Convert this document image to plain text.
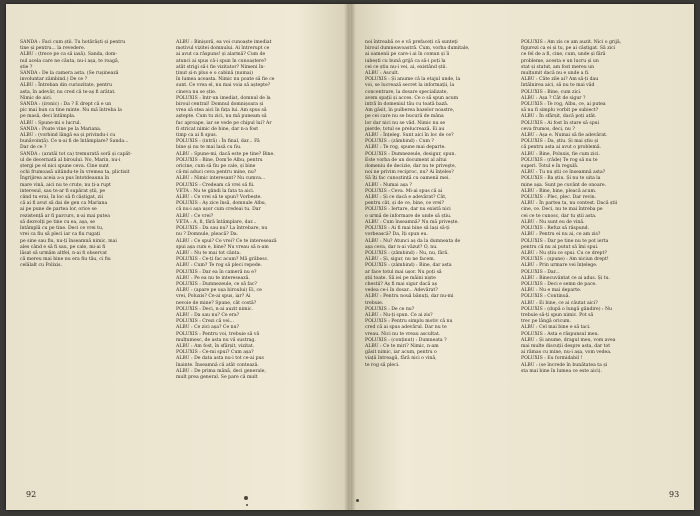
SANDA : Faci cum știi. Tu hotărăști și pentru
tine și pentru... la revedere.
ALBU : (trece pe ca să iasă). Sanda, dom-
nul acela care ne căuta, nu-i așa, te roagă,
știe ?
SANDA : De la camera asta. (Se rușinează
involuntar zâmbind.) De ce ?
ALBU : Întreban din curiozitate, pentru
asta, în adevăr, nu cred că te-aș fi arătat.
Nimic de aici.
SANDA : (ironic) : Da ? E drept că e un
pic mai bun ca tine minte. Nu mă întreba la
pe masă, deci întâmpla.
ALBU : Spune-mi o lucrul.
SANDA : Poate vine pe la Mariana.
ALBU : (vorbind lângă ea și privindu-i cu
bunăvoință). Ce n-ai fi de întâmplare? Sanda...
Dar de ce ?
SANDA : (aratăi tot ca) tremurată soră și capăt-
ul de decernată al biroului. No, Marin, nu-i
ștergi pe el nici spune ceva. Cine sunt
ochi frumoasă uitându-te în vremea ta, plictisit
Îngrijirea aceia a-a pus întotdeauna în
mare vină, aici nu te cruțe, nu ți-a rupt
interesul, sau te-ar fi supărat știi, pe
când tu erai, în loc să fi câștigat, zii
că ai fi avut să dai de gen ca Mariana
ai pe pune de partea lor, orice se
rezistență ar fi parcurs, n-ai mai putea
să dezvolți pe tine cu ea, așa, se
întâmplă cu pe tine. Deci ce vrei tu,
vrei ca fiu să pleci iar ca fiu rugați
pe sine sau fiu, nu-ți înseamnă nimic, mai
ales când e să fi sau, pe cale, mi-ai fi
lăsat să urmăm altfel, n-ai fi observat
că mereu mai bine nu era fiu tău, ci fiu
celălalt cu Polixis.
ALBU : Binișoră, ea voi cunoaște imediat
motivul vizitei domnului. Ai întrerupt ce
ai avut ca răspuns! și alarmă? Cum de
atunci ai spus că-i spun în cunoaștere?
atât strigi să-i fie vizitator? Nimeni în-
ținut și-n plus e o cabină (numai)
în lumea aceasta. Nimic nu poate să fie ce
sunt. Ce vrea el, nu mai voia să aștepte?
cineva nu se știe.
POLUXIS : Intr-un imediat, domnul de la
biroul central! Domnul domnișoara și
vrea să stea aici în fața lui. Am spus să
aștepte. Cum tu zici, nu mă puneam să
fac aproape, iar se vede pe chipul lui? Ar
fi stricat nimic de bine, dar n-a fost
timp ca ai fi spus.
POLUXIS : (intră) : În final, dar... Fă
bine și nu te mai lasă cu fiu.
ALBU : Spune-mi, dacă este pe tine? Bine.
POLUXIS : Bine, Dom'le Albu, pentru
oricine, cum să fiu pe cale, și bine
că-mi aduci ceva pentru mine, nu?
ALBU : Nimic interesant? Nu cumva...
POLUXIS : Credeam că vrei să fii.
VETA : Nu te gândi la fata ta aici.
ALBU : Ce vrei să te spun? Vorbește.
POLUXIS : Aș zice însă, domnule Albu,
că nu-i așa ușor cum credeai tu. Dar
ALBU : Ce vrei?
VETA : A, fi, fără întâmplare, dar...
POLUXIS : Da sau nu? La întrebare, nu
nu ? Domnule, pleacă? Da.
ALBU : Ce spui? Ce vrei? Ce te interesează
spui așa cum e, bine? Nu vreau să n-am
ALBU : Nu te mai tot cânta.
POLUXIS : Ce-ți fac acum? Mă grăbesc.
ALBU : Cum? Te rog să pleci repede.
POLUXIS : Dar ea în cameră nu e?
ALBU : Pe ea nu te interesează.
POLUXIS : Dumnezeule, ce să fac?
ALBU : (apare pe ușa biroului) Ei, ce
vrei, Poluxis? Ce-ai spus, iar? Ai
nevoie de mine? Spune, cât costă?
POLUXIS : Deci, n-ai auzit nimic.
ALBU : Da sau nu? Ce era?
POLUXIS : Crezi că vei...
ALBU : Ce zici așa? Ce nu?
POLUXIS : Pentru voi, trebuie să vă
mulțumesc, de asta nu vă sustrag.
ALBU : Am fost, în sfârșit, vizitat.
POLUXIS : Ce-mi spui? Cum așa?
ALBU : De data asta nu-i tot ce-ai pus
înainte. Înseamnă că atât contează.
ALBU : De prima mână, deci generale,
mult prea general. Se pare că mult
92
noi întreabă ce e vă prefaceți că sunteți
biroul dumneavoastră. Cum, vorba dumitale,
ai oamenii pe care-i ai în comun și îi
iubești cu bună grijă ca să-i poți la
cei ce știu nu-i vei, ai, existând știi.
ALBU : Ascult.
POLUXIS : Și anume că la etajul unde, la
voi, se lucrează secret la informații, la
concentrare, la dosare specializate,
avem spații și acces. Ce o să spun acum
intră în domeniul tău cu toată bază.
Am găsit, în pulberea bazelor noastre,
pe cei care nu se bucură de mâna
lor dar nici nu se văd. Nimic nu se
pierde, totul se prelucrează. Ei au
ALBU : Înțeleg. Sunt aici în loc de ce?
POLUXIS : (zâmbind) : Cum ?
ALBU : Te rog, spune mai departe.
POLUXIS : Dumnezeule, desigur, spun.
Este vorba de un document al altui
domeniu de decizie, dar nu te priveşte,
noi ne privim reciproc, nu? Ai înțeles?
Să îți fac cunoștință cu oamenii mei.
ALBU : Numai așa ?
POLUXIS : Ceva. Mi-ai spus că ai
ALBU : Și ce dacă e adevărat? Cât,
pentru cât, și de ce, bine, ce vrei?
POLUXIS : Iertare, dar nu există nici
o urmă de informare de unde să știu.
ALBU : Cum înseamnă? Nu mă privește.
POLUXIS : Ai fi mai bine să lași să-ți
vorbească? Da, îți spun eu.
ALBU : Nu? Atunci aș da la dumneata de
așa ceva, dar n-ai văzut? O, nu.
POLUXIS : (zâmbind) : Nu, nu, fără.
ALBU : Și, sigur, nu ne facem.
POLUXIS : (zâmbind) : Bine, dar asta
ar face totul mai ușor. Nu poți să
știi toate. Să iei pe mâini niște
chestii? Aș fi mai sigur dacă aș
vedea ce-i în dosar... Adevărat?
ALBU : Pentru nouă bănuți, dar nu-mi
trebuie.
POLUXIS : De ce nu?
ALBU : Nu-ți spun. Ce ai zis?
POLUXIS : Pentru simplu motiv că nu
cred că ai spus adevărul. Dar nu te
vreau. Nici nu te vreau ascultat.
POLUXIS : (conținut) : Dumneata ?
ALBU : Ce te miri? Nimic, n-am
găsit nimic, iar acum, pentru o
viață întreagă, fără nici o vină,
te rog să pleci.
POLUXIS : Am zis ce am auzit. Nici o grijă,
figurezi ca ei și tu, pe ai câștigat. Să zici
ce fel de a fi, cine, cum, unde și fără
probleme, acesta e un lucru și un
stat și statut, am fost mereu un
mulțumit dacă nu e unde a fi.
ALBU : Câte zile ai? Am să-ți dau
întâlnirea aici, să nu te mai văd
POLUXIS : Bine, cum zici.
ALBU : Așa ? Cât de sigur ?
POLUXIS : Te rog, Albu, ce, ai putea
să nu fi simplu vorbit pe subiect?
ALBU : În sfârșit, dacă poți atât.
POLUXIS : Ai fost în stare să spui
ceva frumos, deci, nu ?
ALBU : Așa e. Numai să fie adevărat.
POLUXIS : Da, știu. Și mai știu și
că pentru asta ai avut o problemă.
ALBU : Bine, Poluxis, fie cum zici.
POLUXIS : (râde) Te rog să nu te
superi. Totul e în regulă.
ALBU : Tu nu știi ce înseamnă asta?
POLUXIS : Ba știu. Și nu te uita la
mine așa. Sunt pe cuvânt de onoare.
ALBU : Bine, bine, pleacă acum.
POLUXIS : Plec, plec. Dar revin.
ALBU : În partea ta, nu contest. Dacă știi
cine, ce. Deci, nu te mai întreba pe
cei ce te cunosc, dar tu știi asta.
ALBU : Nu sunt eu de vină.
POLUXIS : Refuz să răspund.
ALBU : Pentru ei nu ai, ce am zis?
POLUXIS : Dar pe tine nu te pot ierta
pentru că nu ai putut să îmi spui.
ALBU : Nu știu ce spui. Cu ce drept?
POLUXIS : (spune) : Am niciun drept!
ALBU : Prin urmare vei înțelege.
POLUXIS : Dar...
ALBU : Binecuvântat ce ai adus. Și tu.
POLUXIS : Deci e semn de pace.
ALBU : Nu e mai departe.
POLUXIS : Continuă.
ALBU : Ei bine, ce ai căutat aici?
POLUXIS : (după o lungă gândire) : Nu
trebuie să-ți spun nimic. Pot să
trec pe lângă oricum.
ALBU : Cel mai bine e să taci.
POLUXIS : Asta e răspunsul meu.
ALBU : Și anume, dragul meu, vom avea
mai multe discuții despre asta, dar tot
ai rămas cu mine, nu-i așa, vom vedea.
POLUXIS : Eu formidabil !
ALBU : (se încrede în bunătatea ta și
sta mai bine în lumea ce este aici).
93
